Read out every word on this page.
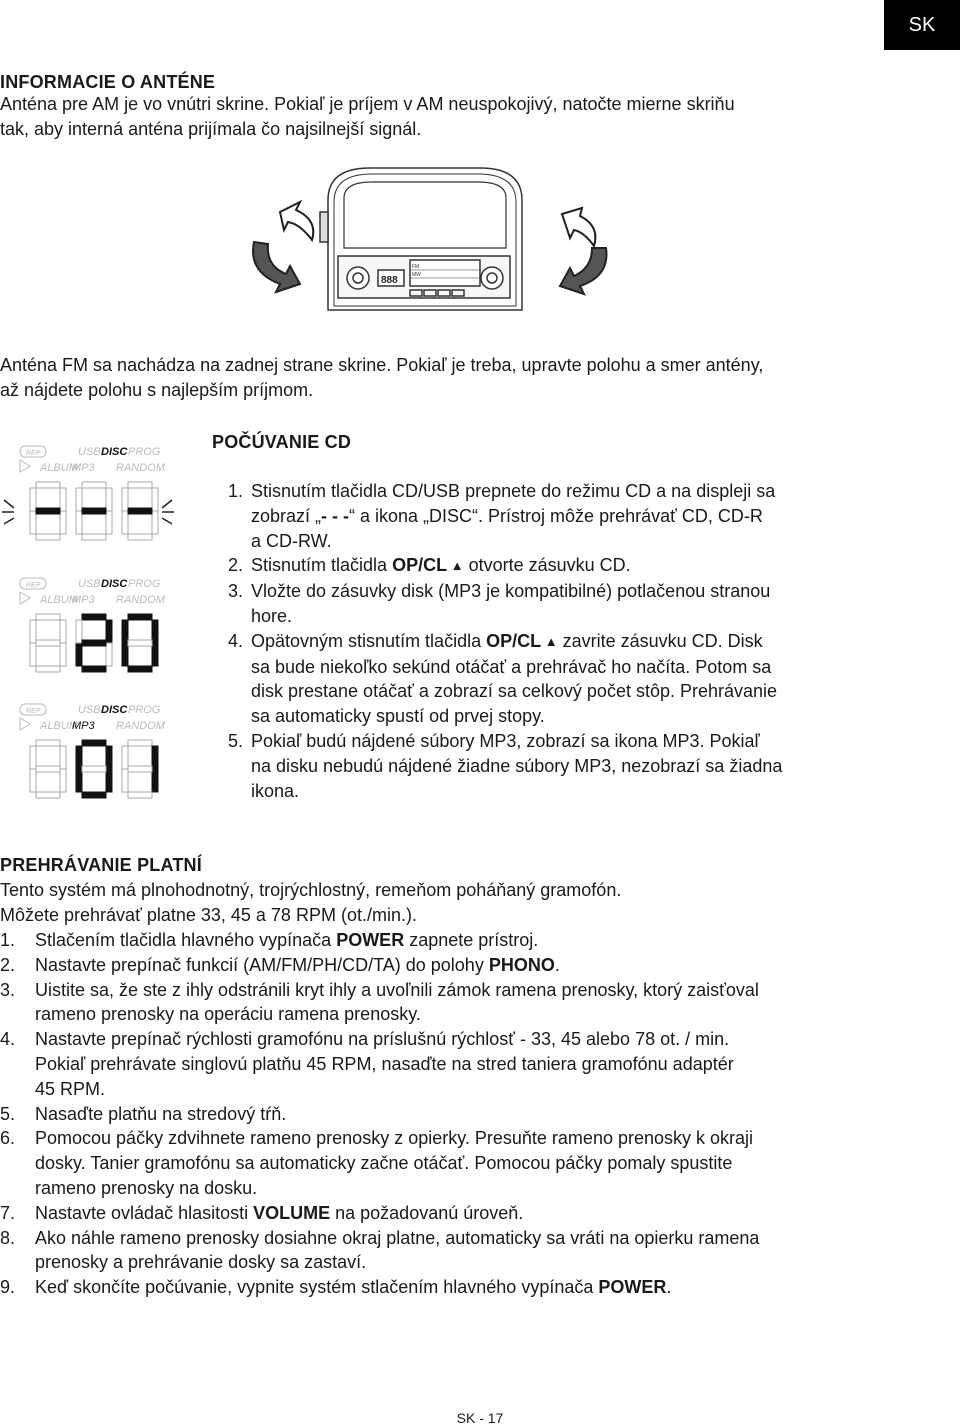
SK
INFORMACIE O ANTÉNE

Anténa pre AM je vo vnútri skrine. Pokiaľ je príjem v AM neuspokojivý, natočte mierne skriňu

tak, aby interná anténa prijímala čo najsilnejší signál.

888
FM
MW

Anténa FM sa nachádza na zadnej strane skrine. Pokiaľ je treba, upravte polohu a smer antény,

až nájdete polohu s najlepším príjmom.

REP	USB DISC PROG
ALBUM
MP3 RANDOM
REP	USB DISC PROG
ALBUM
MP3 RANDOM
REP	USB DISC PROG
ALBUM
MP3 RANDOM
POČÚVANIE CD
1. Stisnutím tlačidla CD/USB prepnete do režimu CD a na displeji sa
zobrazí „- - -“ a ikona „DISC“. Prístroj môže prehrávať CD, CD-R
a CD-RW.
2. Stisnutím tlačidla OP/CL ▲ otvorte zásuvku CD.
3. Vložte do zásuvky disk (MP3 je kompatibilné) potlačenou stranou
hore.
4. Opätovným stisnutím tlačidla OP/CL ▲ zavrite zásuvku CD. Disk
sa bude niekoľko sekúnd otáčať a prehrávač ho načíta. Potom sa
disk prestane otáčať a zobrazí sa celkový počet stôp. Prehrávanie
sa automaticky spustí od prvej stopy.
5. Pokiaľ budú nájdené súbory MP3, zobrazí sa ikona MP3. Pokiaľ
na disku nebudú nájdené žiadne súbory MP3, nezobrazí sa žiadna
ikona.
PREHRÁVANIE PLATNÍ

Tento systém má plnohodnotný, trojrýchlostný, remeňom poháňaný gramofón.

Môžete prehrávať platne 33, 45 a 78 RPM (ot./min.).

1.	Stlačením tlačidla hlavného vypínača POWER zapnete prístroj.
2.	Nastavte prepínač funkcií (AM/FM/PH/CD/TA) do polohy PHONO.
3.	Uistite sa, že ste z ihly odstránili kryt ihly a uvoľnili zámok ramena prenosky, ktorý zaisťoval
rameno prenosky na operáciu ramena prenosky.
4.	Nastavte prepínač rýchlosti gramofónu na príslušnú rýchlosť - 33, 45 alebo 78 ot. / min.
Pokiaľ prehrávate singlovú platňu 45 RPM, nasaďte na stred taniera gramofónu adaptér
45 RPM.
5.	Nasaďte platňu na stredový tŕň.
6.	Pomocou páčky zdvihnete rameno prenosky z opierky. Presuňte rameno prenosky k okraji
dosky. Tanier gramofónu sa automaticky začne otáčať. Pomocou páčky pomaly spustite
rameno prenosky na dosku.
7.	Nastavte ovládač hlasitosti VOLUME na požadovanú úroveň.
8.	Ako náhle rameno prenosky dosiahne okraj platne, automaticky sa vráti na opierku ramena
prenosky a prehrávanie dosky sa zastaví.
9.	Keď skončíte počúvanie, vypnite systém stlačením hlavného vypínača POWER.
SK - 17
